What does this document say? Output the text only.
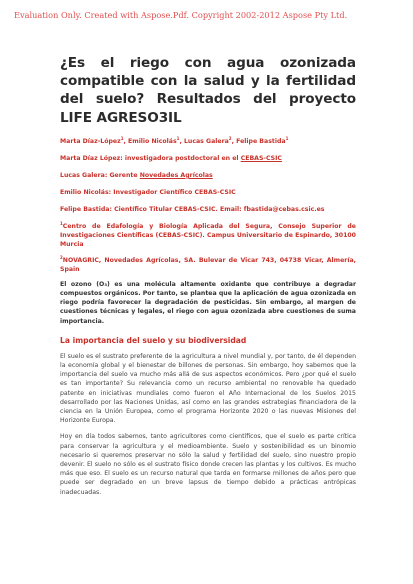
Evaluation Only. Created with Aspose.Pdf. Copyright 2002-2012 Aspose Pty Ltd.
¿Es el riego con agua ozonizada compatible con la salud y la fertilidad del suelo? Resultados del proyecto LIFE AGRESO3IL

Marta Díaz-López$^1$, Emilio Nicolás$^1$, Lucas Galera$^2$, Felipe Bastida$^1$

Marta Díaz López: investigadora postdoctoral en el CEBAS-CSIC

Lucas Galera: Gerente Novedades Agrícolas

Emilio Nicolás: Investigador Científico CEBAS-CSIC

Felipe Bastida: Científico Titular CEBAS-CSIC. Email: fbastida@cebas.csic.es

$^1$Centro de Edafología y Biología Aplicada del Segura, Consejo Superior de Investigaciones Científicas (CEBAS-CSIC). Campus Universitario de Espinardo, 30100 Murcia

$^2$NOVAGRIC, Novedades Agrícolas, SA. Bulevar de Vicar 743, 04738 Vicar, Almería, Spain

El ozono (O₃) es una molécula altamente oxidante que contribuye a degradar compuestos orgánicos. Por tanto, se plantea que la aplicación de agua ozonizada en riego podría favorecer la degradación de pesticidas. Sin embargo, al margen de cuestiones técnicas y legales, el riego con agua ozonizada abre cuestiones de suma importancia.

La importancia del suelo y su biodiversidad

El suelo es el sustrato preferente de la agricultura a nivel mundial y, por tanto, de él dependen la economía global y el bienestar de billones de personas. Sin embargo, hoy sabemos que la importancia del suelo va mucho más allá de sus aspectos económicos. Pero ¿por qué el suelo es tan importante? Su relevancia como un recurso ambiental no renovable ha quedado patente en iniciativas mundiales como fueron el Año Internacional de los Suelos 2015 desarrollado por las Naciones Unidas, así como en las grandes estrategias financiadora de la ciencia en la Unión Europea, como el programa Horizonte 2020 o las nuevas Misiones del Horizonte Europa.

Hoy en día todos sabemos, tanto agricultores como científicos, que el suelo es parte crítica para conservar la agricultura y el medioambiente. Suelo y sostenibilidad es un binomio necesario si queremos preservar no sólo la salud y fertilidad del suelo, sino nuestro propio devenir. El suelo no sólo es el sustrato físico donde crecen las plantas y los cultivos. Es mucho más que eso. El suelo es un recurso natural que tarda en formarse millones de años pero que puede ser degradado en un breve lapsus de tiempo debido a prácticas antrópicas inadecuadas.
